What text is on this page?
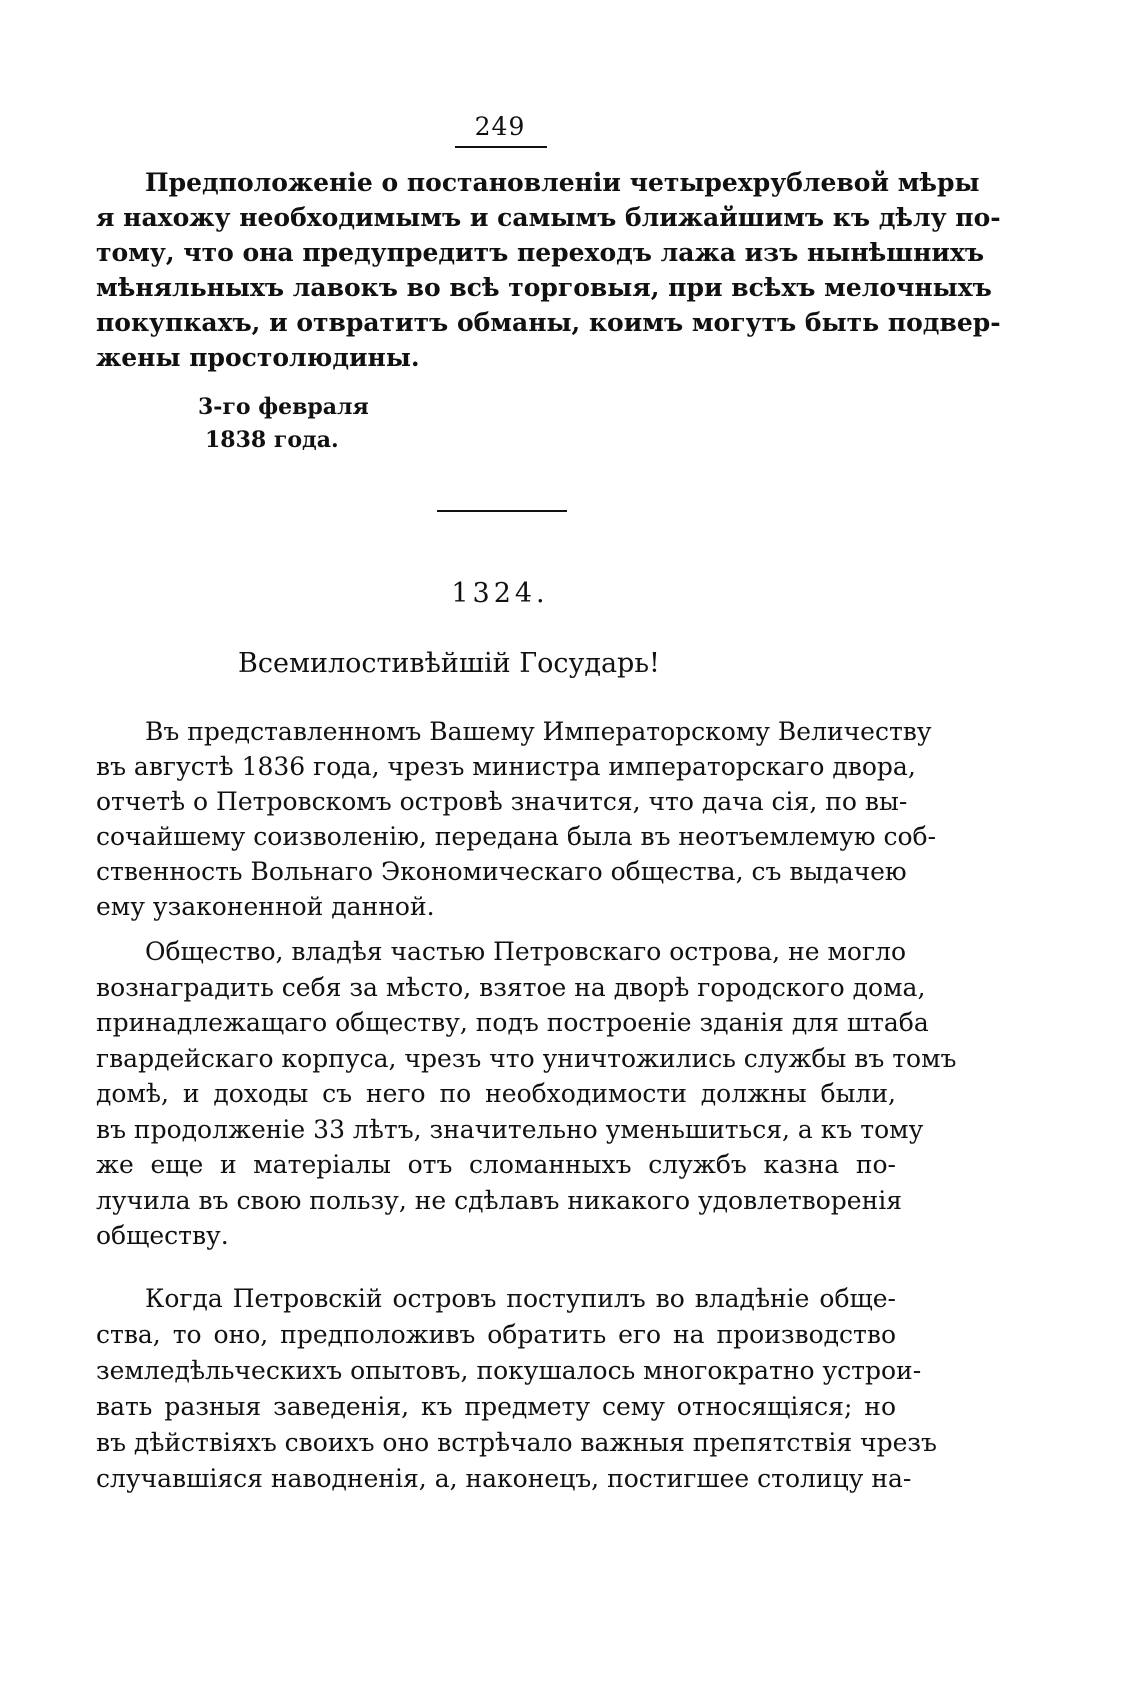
249
Предположеніе о постановленіи четырехрублевой мѣры
я нахожу необходимымъ и самымъ ближайшимъ къ дѣлу по-
тому, что она предупредитъ переходъ лажа изъ нынѣшнихъ
мѣняльныхъ лавокъ во всѣ торговыя, при всѣхъ мелочныхъ
покупкахъ, и отвратитъ обманы, коимъ могутъ быть подвер-
жены простолюдины.
3-го февраля
1838 года.
1324.
Всемилостивѣйшій Государь!
Въ представленномъ Вашему Императорскому Величеству
въ августѣ 1836 года, чрезъ министра императорскаго двора,
отчетѣ о Петровскомъ островѣ значится, что дача сія, по вы-
сочайшему соизволенію, передана была въ неотъемлемую соб-
ственность Вольнаго Экономическаго общества, съ выдачею
ему узаконенной данной.
Общество, владѣя частью Петровскаго острова, не могло
вознаградить себя за мѣсто, взятое на дворѣ городского дома,
принадлежащаго обществу, подъ построеніе зданія для штаба
гвардейскаго корпуса, чрезъ что уничтожились службы въ томъ
домѣ, и доходы съ него по необходимости должны были,
въ продолженіе 33 лѣтъ, значительно уменьшиться, а къ тому
же еще и матеріалы отъ сломанныхъ службъ казна по-
лучила въ свою пользу, не сдѣлавъ никакого удовлетворенія
обществу.
Когда Петровскій островъ поступилъ во владѣніе обще-
ства, то оно, предположивъ обратить его на производство
земледѣльческихъ опытовъ, покушалось многократно устрои-
вать разныя заведенія, къ предмету сему относящіяся; но
въ дѣйствіяхъ своихъ оно встрѣчало важныя препятствія чрезъ
случавшіяся наводненія, а, наконецъ, постигшее столицу на-
